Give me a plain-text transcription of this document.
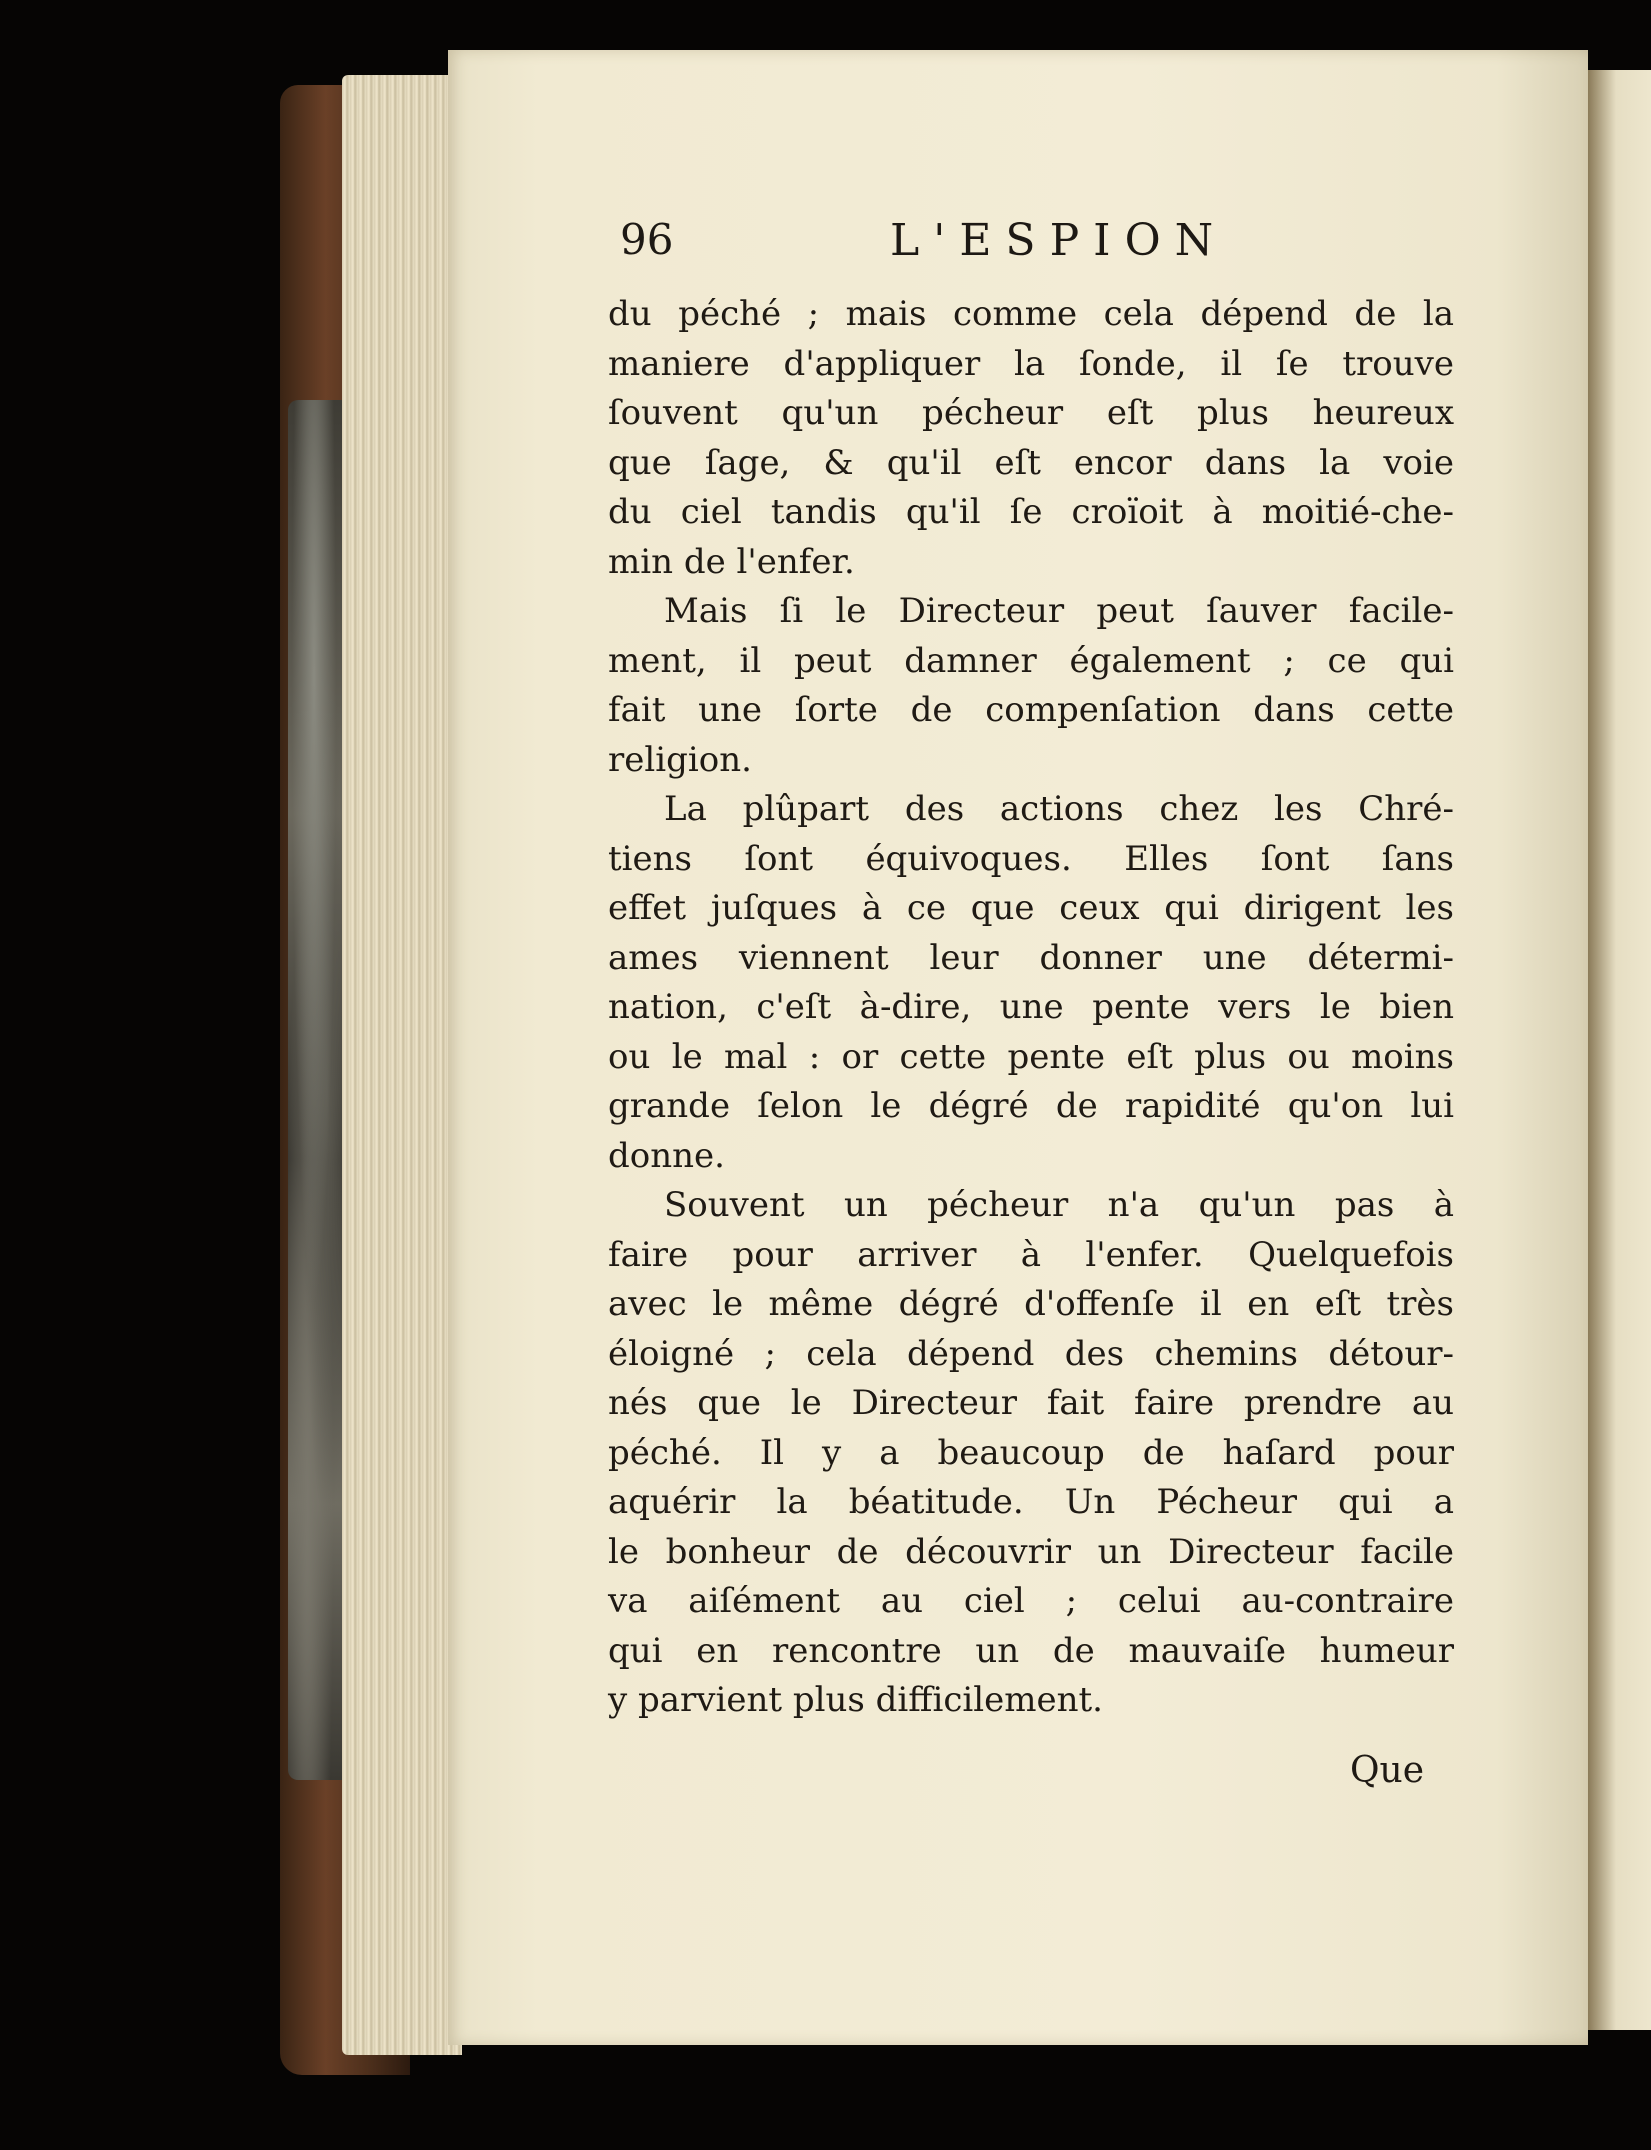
96	L'ESPION
du péché ; mais comme cela dépend de la
maniere d'appliquer la ſonde, il ſe trouve
ſouvent qu'un pécheur eſt plus heureux
que ſage, & qu'il eſt encor dans la voie
du ciel tandis qu'il ſe croïoit à moitié-che-
min de l'enfer.
Mais ſi le Directeur peut ſauver facile-
ment, il peut damner également ; ce qui
fait une ſorte de compenſation dans cette
religion.
La plûpart des actions chez les Chré-
tiens ſont équivoques. Elles ſont ſans
effet juſques à ce que ceux qui dirigent les
ames viennent leur donner une détermi-
nation, c'eſt à-dire, une pente vers le bien
ou le mal : or cette pente eſt plus ou moins
grande ſelon le dégré de rapidité qu'on lui
donne.
Souvent un pécheur n'a qu'un pas à
faire pour arriver à l'enfer. Quelquefois
avec le même dégré d'offenſe il en eſt très
éloigné ; cela dépend des chemins détour-
nés que le Directeur fait faire prendre au
péché. Il y a beaucoup de haſard pour
aquérir la béatitude. Un Pécheur qui a
le bonheur de découvrir un Directeur facile
va aiſément au ciel ; celui au-contraire
qui en rencontre un de mauvaiſe humeur
y parvient plus difficilement.
Que
